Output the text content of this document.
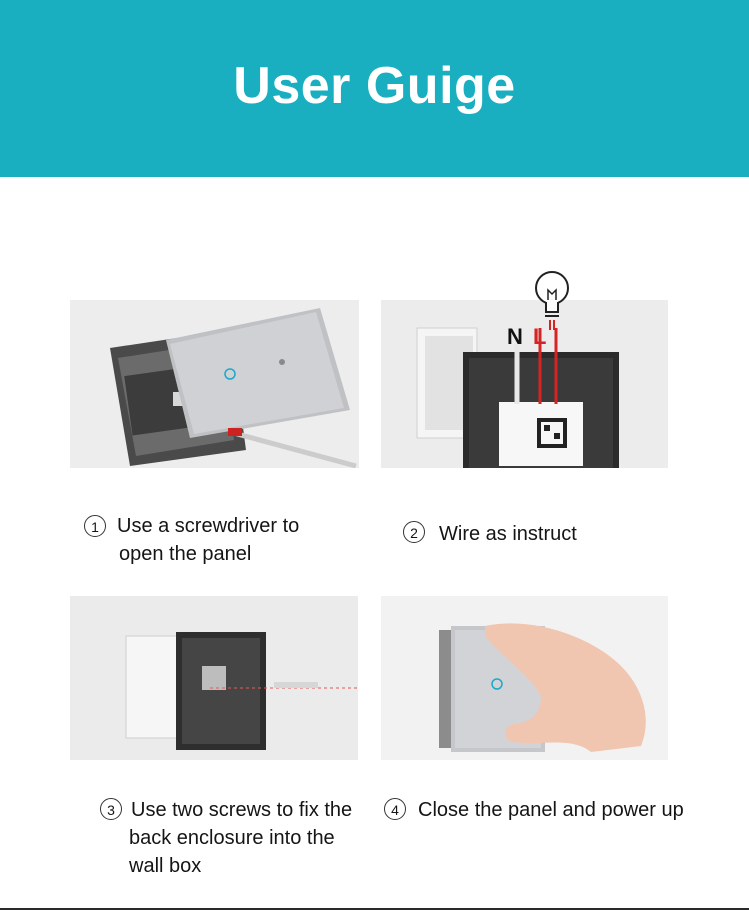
User Guige
N L
1 Use a screwdriver to
open the panel
2	Wire as instruct
3 Use two screws to fix the
back enclosure into the
wall box
4 Close the panel and power up
